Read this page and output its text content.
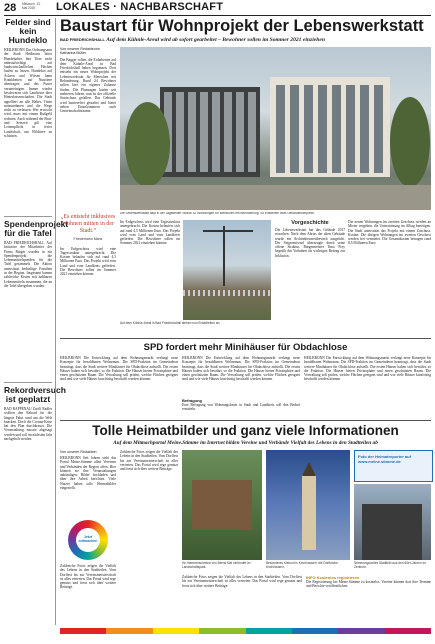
28 Mittwoch, 13. Mai 2020	LOKALES · NACHBARSCHAFT
Felder sind kein Hundeklo
HEILBRONN Das Ordnungsamt der Stadt Heilbronn bittet Hundehalter, ihre Tiere nicht unbeaufsichtigt auf landwirtschaftlichen Flächen laufen zu lassen. Hundekot auf Äckern und Wiesen kann Krankheiten auf Nutztiere übertragen und das Futter verunreinigen. Immer wieder beschweren sich Landwirte über Hinterlassenschaften. Die Stadt appelliert an alle Halter, Tüten mitzunehmen und die Wege nicht zu verlassen. Wer erwischt wird, muss mit einem Bußgeld rechnen. Auch während der Brut- und Setzzeit gilt eine Leinenpflicht in freier Landschaft, um Wildtiere zu schützen.
Spendenprojekt für die Tafel
BAD FRIEDRICHSHALL Auf Initiative der Mitarbeiter der Firma Bürger wurden in ein Spendenprojekt die Lebensmittelspenden für die Tafel gesammelt. Die Aktion unterstützt bedürftige Familien in der Region. Insgesamt kamen zahlreiche Kisten mit haltbaren Lebensmitteln zusammen, die an die Tafel übergeben wurden.
Rekordversuch ist geplatzt
BAD RAPPENAU Zwölf Radler wollten den Rekord für die längste Fahrt rund um die Welt knacken. Doch die Corona-Krise hat den Plan durchkreuzt. Die Veranstaltung musste abgesagt werden und soll im nächsten Jahr nachgeholt werden.
Baustart für Wohnprojekt der Lebenswerkstatt
BAD FRIEDRICHSHALL Auf dem Kühnle-Areal wird ab sofort gearbeitet – Bewohner sollen im Sommer 2021 einziehen
Von unserer Redakteurin Katharina Müller
Die Bagger rollen, die Erdarbeiten auf dem Kühnle-Areal in Bad Friedrichshall haben begonnen. Dort entsteht ein neues Wohnprojekt der Lebenswerkstatt für Menschen mit Behinderung. Rund 24 Bewohner sollen hier ein eigenes Zuhause finden. Die Planungen laufen seit mehreren Jahren, nun ist der offizielle Startschuss gefallen. Das Gebäude wird barrierefrei gestaltet und bietet neben Einzelzimmern auch Gemeinschaftsräume.
„Es entsteht inklusives Wohnen mitten in der Stadt.“
Friedemann Manz
Im Erdgeschoss wird eine Tagesstruktur untergebracht. Die Kosten belaufen sich auf rund 4,5 Millionen Euro. Das Projekt wird vom Land und vom Landkreis gefördert. Die Bewohner sollen im Sommer 2021 einziehen können.
Die Lebenswerkstatt baut in der Jagstfelder Straße 32 Wohnungen für Menschen mit Behinderung. So entstehen zwei Gebäudekomplexe.
Im Erdgeschoss wird eine Tagesstruktur untergebracht. Die Kosten belaufen sich auf rund 4,5 Millionen Euro. Das Projekt wird vom Land und vom Landkreis gefördert. Die Bewohner sollen im Sommer 2021 einziehen können.
Auf dem Kühnle-Areal in Bad Friedrichshall stehen nun Erdarbeiten an.
Vorgeschichte
Die Lebenswerkstatt hat das Gelände 2017 erworben. Nach dem Abriss der alten Gebäude wurde ein Architektenwettbewerb ausgelobt. Der Siegerentwurf überzeugte durch seine offene Struktur. Bürgermeister Timo Frey begrüßt das Vorhaben als wichtigen Beitrag zur Inklusion.
Die neuen Wohnungen im zweiten Geschoss werden an Mieter vergeben, die Unterstützung im Alltag benötigen. Die Stadt unterstützt das Projekt mit einem Zuschuss. Kosten: Die übrigen Wohnungen im zweiten Geschoss werden frei vermietet. Die Gesamtkosten betragen rund 8,5 Millionen Euro.
SPD fordert mehr Minihäuser für Obdachlose
HEILBRONN Die Entwicklung auf dem Wohnungsmarkt verlangt neue Konzepte für bezahlbaren Wohnraum. Die SPD-Fraktion im Gemeinderat beantragt, dass die Stadt weitere Minihäuser für Obdachlose aufstellt. Die ersten Häuser haben sich bewährt, so die Fraktion. Die Häuser bieten Privatsphäre und einen geschützten Raum. Die Verwaltung soll prüfen, welche Flächen geeignet sind und wie viele Häuser kurzfristig beschafft werden können.
HEILBRONN Die Entwicklung auf dem Wohnungsmarkt verlangt neue Konzepte für bezahlbaren Wohnraum. Die SPD-Fraktion im Gemeinderat beantragt, dass die Stadt weitere Minihäuser für Obdachlose aufstellt. Die ersten Häuser haben sich bewährt, so die Fraktion. Die Häuser bieten Privatsphäre und einen geschützten Raum. Die Verwaltung soll prüfen, welche Flächen geeignet sind und wie viele Häuser kurzfristig beschafft werden können.
Befragung
Eine Befragung von Wohnungslosen in Stadt und Landkreis soll den Bedarf ermitteln.
HEILBRONN Die Entwicklung auf dem Wohnungsmarkt verlangt neue Konzepte für bezahlbaren Wohnraum. Die SPD-Fraktion im Gemeinderat beantragt, dass die Stadt weitere Minihäuser für Obdachlose aufstellt. Die ersten Häuser haben sich bewährt, so die Fraktion. Die Häuser bieten Privatsphäre und einen geschützten Raum. Die Verwaltung soll prüfen, welche Flächen geeignet sind und wie viele Häuser kurzfristig beschafft werden können.
Tolle Heimatbilder und ganz viele Informationen
Auf dem Mitmachportal Meine.Stimme im Internet bilden Vereine und Verbände Vielfalt des Lebens in den Stadtteilen ab
Von unserer Redaktion
HEILBRONN Seit Jahren steht das Portal Meine.Stimme allen Vereinen und Verbänden der Region offen. Hier können sie ihre Veranstaltungen ankündigen, Bilder hochladen und über ihre Arbeit berichten. Viele Nutzer haben tolle Heimatbilder eingestellt.
Jetzt mitmachen
Zahlreiche Fotos zeigen die Vielfalt des Lebens in den Stadtteilen. Vom Dorffest bis zur Vereinsmeisterschaft ist alles vertreten. Das Portal wird rege genutzt und freut sich über weitere Beiträge.
Zahlreiche Fotos zeigen die Vielfalt des Lebens in den Stadtteilen. Vom Dorffest bis zur Vereinsmeisterschaft ist alles vertreten. Das Portal wird rege genutzt und freut sich über weitere Beiträge.
Foto der Heimatreporter auf www.meine.stimme.de
Ihr Hammerschmied von Bernd Mai verbindet im Landschaftspark.
Besonderes Kleinod in Kirchhausen: die Dorfkirche Kirchhausen.
Stimmungsvolles Stadtbild aus den 60er-Jahren im Zentrum.
Zahlreiche Fotos zeigen die Vielfalt des Lebens in den Stadtteilen. Vom Dorffest bis zur Vereinsmeisterschaft ist alles vertreten. Das Portal wird rege genutzt und freut sich über weitere Beiträge.
INFO Kostenlos registrieren
Die Registrierung bei Meine.Stimme ist kostenlos. Vereine können dort ihre Termine und Berichte veröffentlichen.
